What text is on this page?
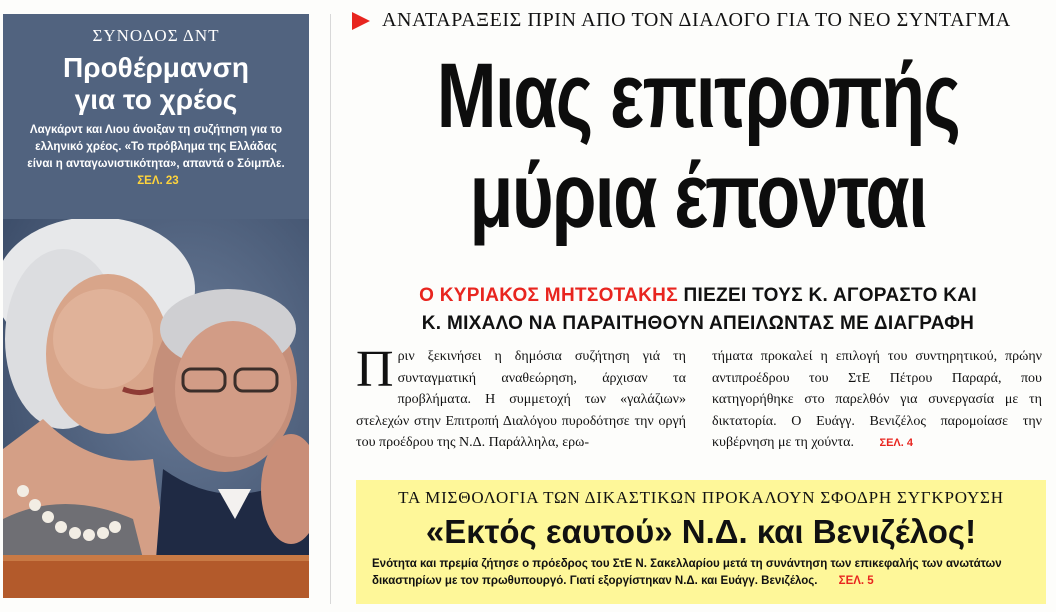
ΣΥΝΟΔΟΣ ΔΝΤ
Προθέρμανση
για το χρέος
Λαγκάρντ και Λιου άνοιξαν τη συζήτηση για το ελληνικό χρέος. «Το πρόβλημα της Ελλάδας είναι η ανταγωνιστικότητα», απαντά ο Σόιμπλε. ΣΕΛ. 23
ΑΝΑΤΑΡΑΞΕΙΣ ΠΡΙΝ ΑΠΟ ΤΟΝ ΔΙΑΛΟΓΟ ΓΙΑ ΤΟ ΝΕΟ ΣΥΝΤΑΓΜΑ
Μιας επιτροπής
μύρια έπονται
Ο ΚΥΡΙΑΚΟΣ ΜΗΤΣΟΤΑΚΗΣ ΠΙΕΖΕΙ ΤΟΥΣ Κ. ΑΓΟΡΑΣΤΟ ΚΑΙ
Κ. ΜΙΧΑΛΟ ΝΑ ΠΑΡΑΙΤΗΘΟΥΝ ΑΠΕΙΛΩΝΤΑΣ ΜΕ ΔΙΑΓΡΑΦΗ
Π ριν ξεκινήσει η δημόσια συζήτηση γιά τη συνταγματική αναθεώρηση, άρχισαν τα προβλήματα. Η συμμετοχή των «γαλάζιων» στελεχών στην Επιτροπή Διαλόγου πυροδότησε την οργή του προέδρου της Ν.Δ. Παράλληλα, ερω-
τήματα προκαλεί η επιλογή του συντηρητικού, πρώην αντιπροέδρου του ΣτΕ Πέτρου Παραρά, που κατηγορήθηκε στο παρελθόν για συνεργασία με τη δικτατορία. Ο Ευάγγ. Βενιζέλος παρομοίασε την κυβέρνηση με τη χούντα. ΣΕΛ. 4
ΤΑ ΜΙΣΘΟΛΟΓΙΑ ΤΩΝ ΔΙΚΑΣΤΙΚΩΝ ΠΡΟΚΑΛΟΥΝ ΣΦΟΔΡΗ ΣΥΓΚΡΟΥΣΗ
«Εκτός εαυτού» Ν.Δ. και Βενιζέλος!
Ενότητα και πρεμία ζήτησε ο πρόεδρος του ΣτΕ Ν. Σακελλαρίου μετά τη συνάντηση των επικεφαλής των ανωτάτων δικαστηρίων με τον πρωθυπουργό. Γιατί εξοργίστηκαν Ν.Δ. και Ευάγγ. Βενιζέλος. ΣΕΛ. 5
